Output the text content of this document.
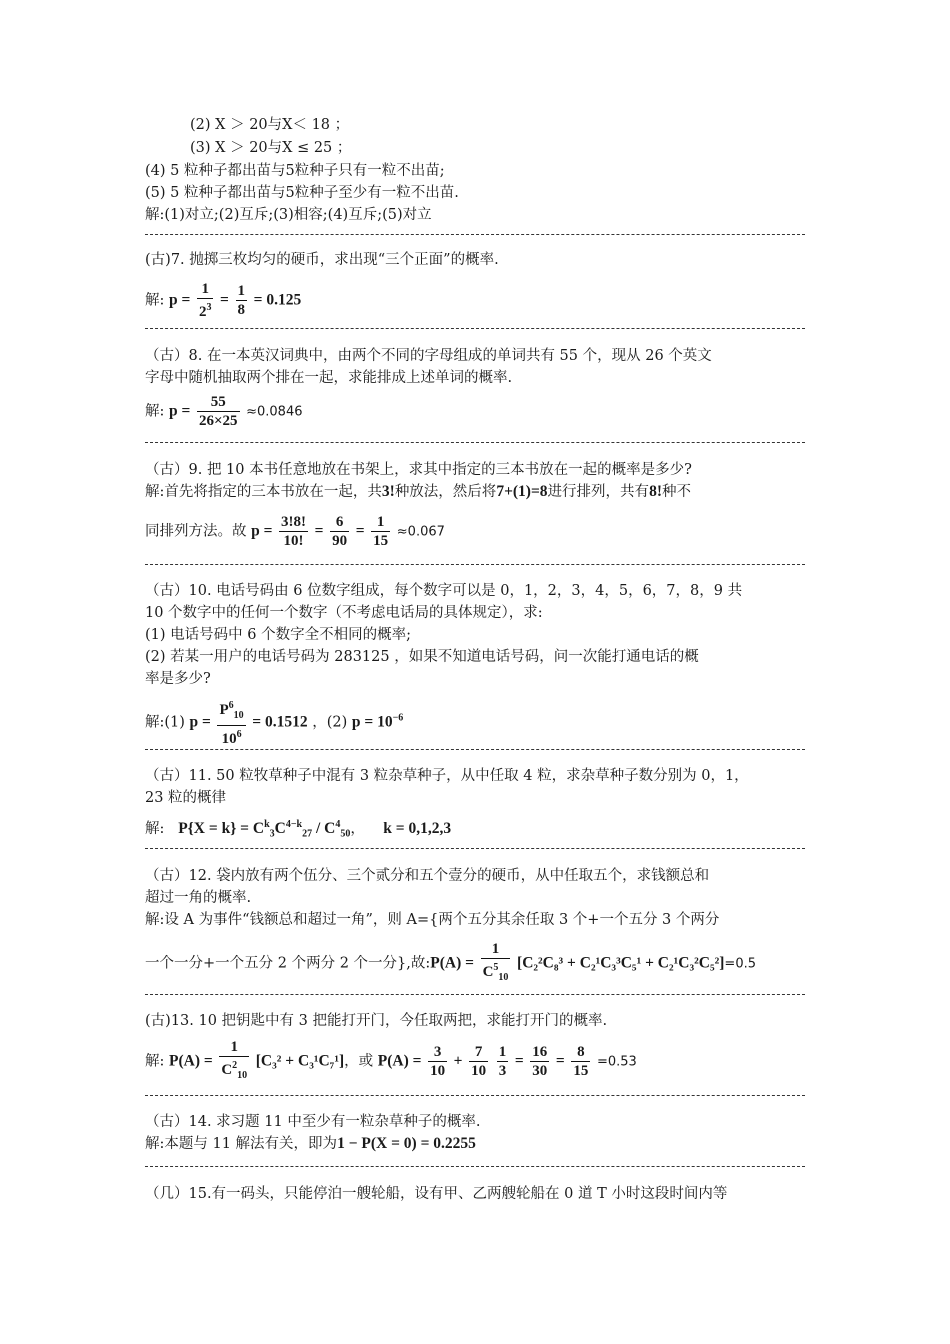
(2) X ＞ 20与X＜ 18 ；
(3) X ＞ 20与X ≤ 25 ；
(4) 5 粒种子都出苗与5粒种子只有一粒不出苗;
(5) 5 粒种子都出苗与5粒种子至少有一粒不出苗.
解:(1)对立;(2)互斥;(3)相容;(4)互斥;(5)对立
(古)7. 抛掷三枚均匀的硬币，求出现“三个正面”的概率.
解: $p = \frac{1}{2^3} = \frac{1}{8} = 0.125$
（古）8. 在一本英汉词典中，由两个不同的字母组成的单词共有 55 个，现从 26 个英文
字母中随机抽取两个排在一起，求能排成上述单词的概率.
解: $p = \frac{55}{26\times 25} \approx 0.0846$
（古）9. 把 10 本书任意地放在书架上，求其中指定的三本书放在一起的概率是多少?
解:首先将指定的三本书放在一起，共3!种放法，然后将7+(1)=8进行排列，共有8!种不
同排列方法。故 $p = \frac{3!8!}{10!} = \frac{6}{90} = \frac{1}{15} \approx 0.067$
（古）10. 电话号码由 6 位数字组成，每个数字可以是 0，1，2，3，4，5，6，7，8，9 共
10 个数字中的任何一个数字（不考虑电话局的具体规定），求:
(1) 电话号码中 6 个数字全不相同的概率;
(2) 若某一用户的电话号码为 283125 ，如果不知道电话号码，问一次能打通电话的概
率是多少?
解:(1) $p = \frac{P^6_{10}}{10^6} = 0.1512$ ，(2) $p = 10^{-6}$
（古）11. 50 粒牧草种子中混有 3 粒杂草种子，从中任取 4 粒，求杂草种子数分别为 0，1，
23 粒的概律
解: $P\{X = k\} = C^k_3C^{4-k}_{27} / C^4_{50}$， k = 0,1,2,3
（古）12. 袋内放有两个伍分、三个贰分和五个壹分的硬币，从中任取五个，求钱额总和
超过一角的概率.
解:设 A 为事件“钱额总和超过一角”，则 A={两个五分其余任取 3 个+一个五分 3 个两分
一个一分+一个五分 2 个两分 2 个一分},故:P(A) = $\frac{1}{C^5_{10}} [C_2^2C_8^3 + C_2^1C_3^3C_5^1 + C_2^1C_3^2C_5^2]=0.5$
(古)13. 10 把钥匙中有 3 把能打开门，今任取两把，求能打开门的概率.
解: $P(A) = \frac{1}{C^2_{10}} [C_3^2 + C_3^1C_7^1]$，或 $P(A) = \frac{3}{10} + \frac{7}{10}$
$\frac{1}{3} = \frac{16}{30} = \frac{8}{15} =0.53$
（古）14. 求习题 11 中至少有一粒杂草种子的概率.
解:本题与 11 解法有关，即为1 − P(X = 0) = 0.2255
（几）15.有一码头，只能停泊一艘轮船，设有甲、乙两艘轮船在 0 道 T 小时这段时间内等
